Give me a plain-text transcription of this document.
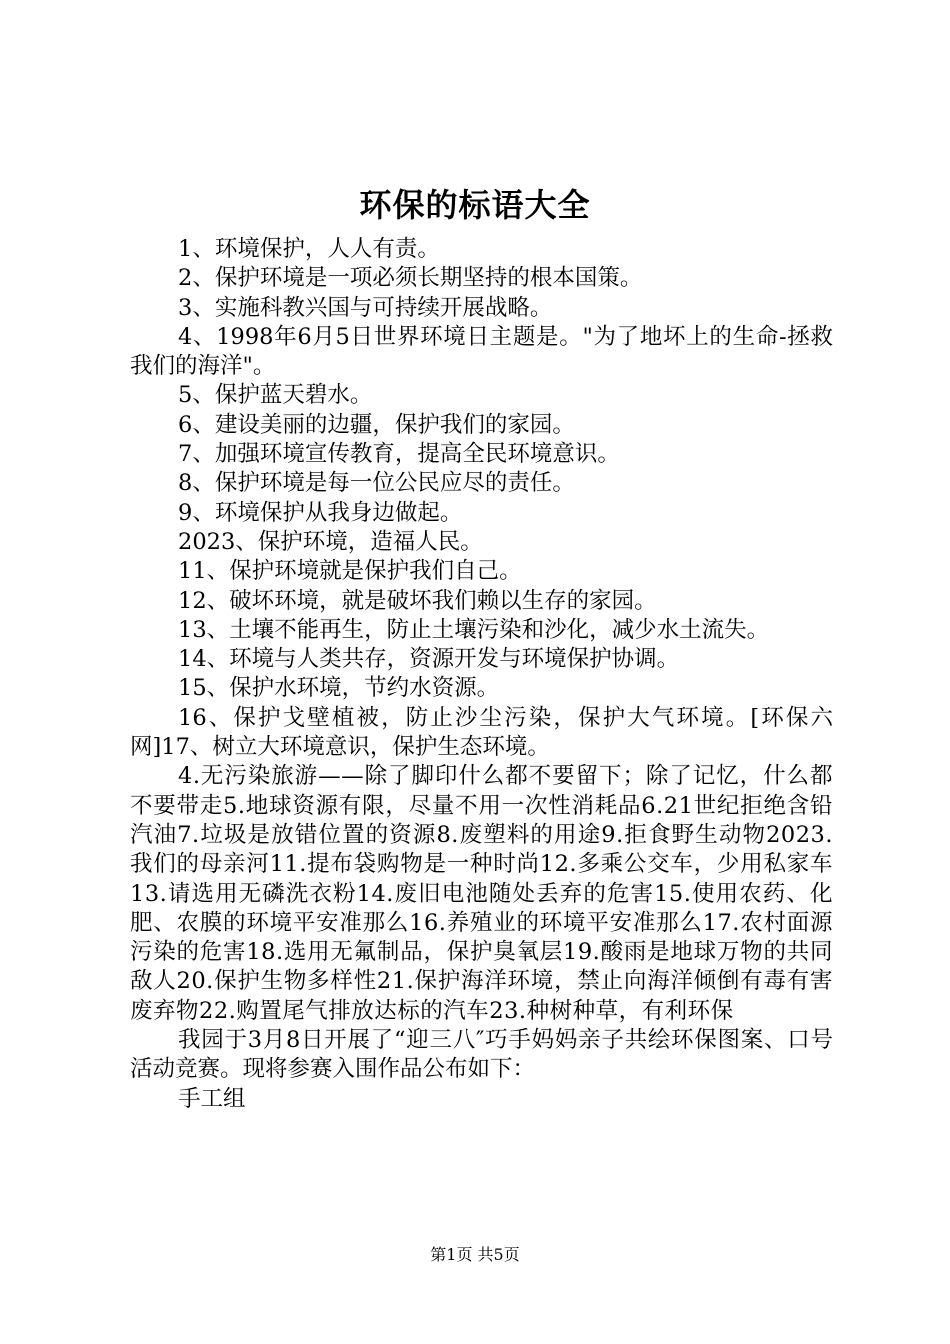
环保的标语大全

1、环境保护，人人有责。

2、保护环境是一项必须长期坚持的根本国策。

3、实施科教兴国与可持续开展战略。

4、1998年6月5日世界环境日主题是。"为了地坏上的生命-拯救我们的海洋"。

5、保护蓝天碧水。

6、建设美丽的边疆，保护我们的家园。

7、加强环境宣传教育，提高全民环境意识。

8、保护环境是每一位公民应尽的责任。

9、环境保护从我身边做起。

2023、保护环境，造福人民。

11、保护环境就是保护我们自己。

12、破坏环境，就是破坏我们赖以生存的家园。

13、土壤不能再生，防止土壤污染和沙化，减少水土流失。

14、环境与人类共存，资源开发与环境保护协调。

15、保护水环境，节约水资源。

16、保护戈壁植被，防止沙尘污染，保护大气环境。[环保六网]17、树立大环境意识，保护生态环境。

4.无污染旅游——除了脚印什么都不要留下；除了记忆，什么都不要带走5.地球资源有限，尽量不用一次性消耗品6.21世纪拒绝含铅汽油7.垃圾是放错位置的资源8.废塑料的用途9.拒食野生动物2023.我们的母亲河11.提布袋购物是一种时尚12.多乘公交车，少用私家车13.请选用无磷洗衣粉14.废旧电池随处丢弃的危害15.使用农药、化肥、农膜的环境平安准那么16.养殖业的环境平安准那么17.农村面源污染的危害18.选用无氟制品，保护臭氧层19.酸雨是地球万物的共同敌人20.保护生物多样性21.保护海洋环境，禁止向海洋倾倒有毒有害废弃物22.购置尾气排放达标的汽车23.种树种草，有利环保

我园于3月8日开展了“迎三八″巧手妈妈亲子共绘环保图案、口号活动竞赛。现将参赛入围作品公布如下：

手工组

第1页 共5页
